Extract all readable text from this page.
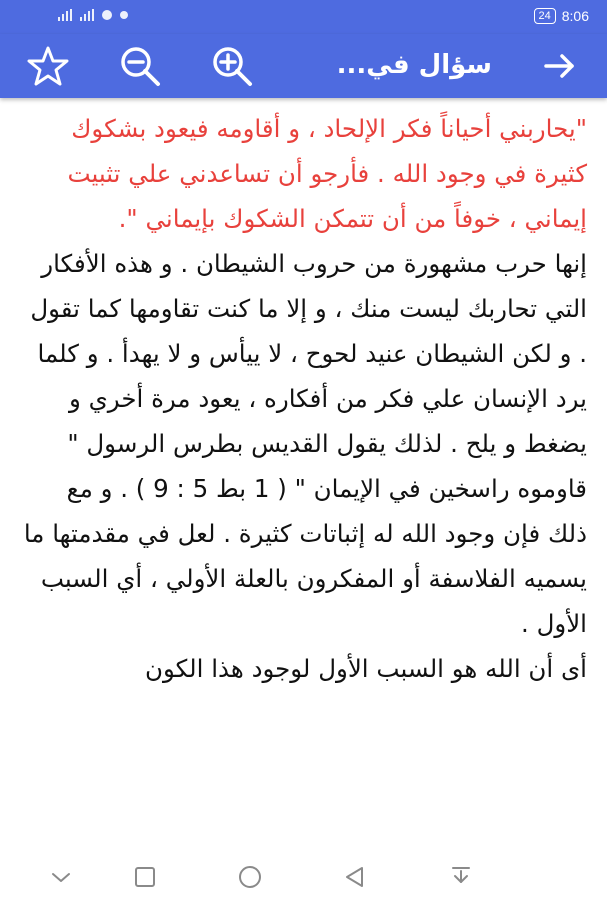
24 8:06
سؤال في...

"يحاربني أحياناً فكر الإلحاد ، و أقاومه فيعود بشكوك كثيرة في وجود الله . فأرجو أن تساعدني علي تثبيت إيماني ، خوفاً من أن تتمكن الشكوك بإيماني ".

إنها حرب مشهورة من حروب الشيطان . و هذه الأفكار التي تحاربك ليست منك ، و إلا ما كنت تقاومها كما تقول . و لكن الشيطان عنيد لحوح ، لا ييأس و لا يهدأ . و كلما يرد الإنسان علي فكر من أفكاره ، يعود مرة أخري و يضغط و يلح . لذلك يقول القديس بطرس الرسول " قاوموه راسخين في الإيمان " ( 1 بط 5 : 9 ) . و مع ذلك فإن وجود الله له إثباتات كثيرة . لعل في مقدمتها ما يسميه الفلاسفة أو المفكرون بالعلة الأولي ، أي السبب الأول .

أى أن الله هو السبب الأول لوجود هذا الكون
